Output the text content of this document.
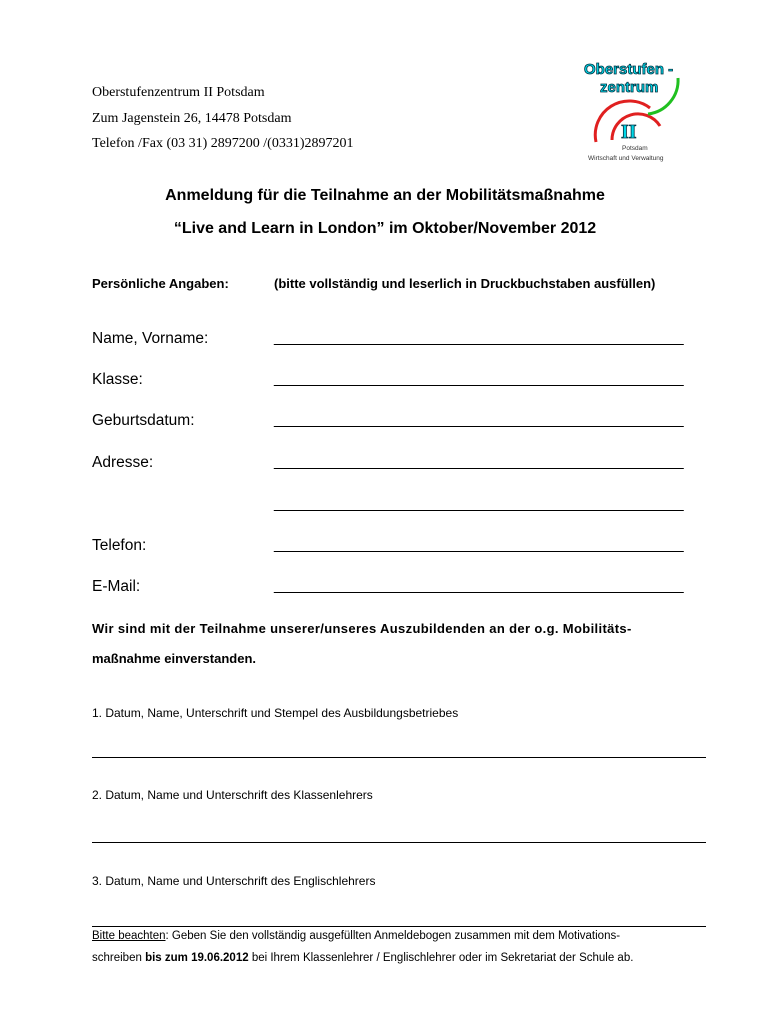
Oberstufenzentrum II Potsdam
Zum Jagenstein 26, 14478 Potsdam
Telefon /Fax (03 31) 2897200 /(0331)2897201
Oberstufen -
zentrum
II
Potsdam
Wirtschaft und Verwaltung
Anmeldung für die Teilnahme an der Mobilitätsmaßnahme
“Live and Learn in London” im Oktober/November 2012
Persönliche Angaben:	(bitte vollständig und leserlich in Druckbuchstaben ausfüllen)
Name, Vorname:	___________________________________________________
Klasse:	___________________________________________________
Geburtsdatum:	___________________________________________________
Adresse:	___________________________________________________
___________________________________________________
Telefon:	___________________________________________________
E-Mail:	___________________________________________________
Wir sind mit der Teilnahme unserer/unseres Auszubildenden an der o.g. Mobilitäts-
maßnahme einverstanden.
1. Datum, Name, Unterschrift und Stempel des Ausbildungsbetriebes
2. Datum, Name und Unterschrift des Klassenlehrers
3. Datum, Name und Unterschrift des Englischlehrers
Bitte beachten: Geben Sie den vollständig ausgefüllten Anmeldebogen zusammen mit dem Motivations-
schreiben bis zum 19.06.2012 bei Ihrem Klassenlehrer / Englischlehrer oder im Sekretariat der Schule ab.
